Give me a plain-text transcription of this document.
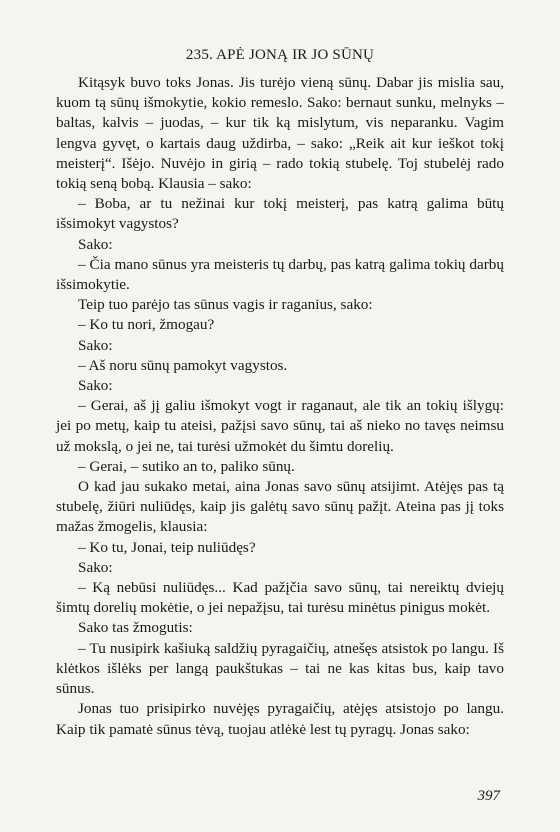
235. APĖ JONĄ IR JO SŪNŲ

Kitąsyk buvo toks Jonas. Jis turėjo vieną sūnų. Dabar jis mislia sau, kuom tą sūnų išmokytie, kokio remeslo. Sako: bernaut sunku, melnyks – baltas, kalvis – juodas, – kur tik ką mislytum, vis neparanku. Vagim lengva gyvęt, o kartais daug uždirba, – sako: „Reik ait kur ieškot tokį meisterį“. Išėjo. Nuvėjo in girią – rado tokią stubelę. Toj stubelėj rado tokią seną bobą. Klausia – sako:

– Boba, ar tu nežinai kur tokį meisterį, pas katrą galima būtų išsimokyt vagystos?

Sako:

– Čia mano sūnus yra meisteris tų darbų, pas katrą galima tokių darbų išsimokytie.

Teip tuo parėjo tas sūnus vagis ir raganius, sako:

– Ko tu nori, žmogau?

Sako:

– Aš noru sūnų pamokyt vagystos.

Sako:

– Gerai, aš jį galiu išmokyt vogt ir raganaut, ale tik an tokių išlygų: jei po metų, kaip tu ateisi, pažįsi savo sūnų, tai aš nieko no tavęs neimsu už mokslą, o jei ne, tai turėsi užmokėt du šimtu dorelių.

– Gerai, – sutiko an to, paliko sūnų.

O kad jau sukako metai, aina Jonas savo sūnų atsijimt. Atėjęs pas tą stubelę, žiūri nuliūdęs, kaip jis galėtų savo sūnų pažįt. Ateina pas jį toks mažas žmogelis, klausia:

– Ko tu, Jonai, teip nuliūdęs?

Sako:

– Ką nebūsi nuliūdęs... Kad pažįčia savo sūnų, tai nereiktų dviejų šimtų dorelių mokėtie, o jei nepažįsu, tai turėsu minėtus pinigus mokėt.

Sako tas žmogutis:

– Tu nusipirk kašiuką saldžių pyragaičių, atnešęs atsistok po langu. Iš klėtkos išlėks per langą paukštukas – tai ne kas kitas bus, kaip tavo sūnus.

Jonas tuo prisipirko nuvėjęs pyragaičių, atėjęs atsistojo po langu. Kaip tik pamatė sūnus tėvą, tuojau atlėkė lest tų pyragų. Jonas sako:

397
